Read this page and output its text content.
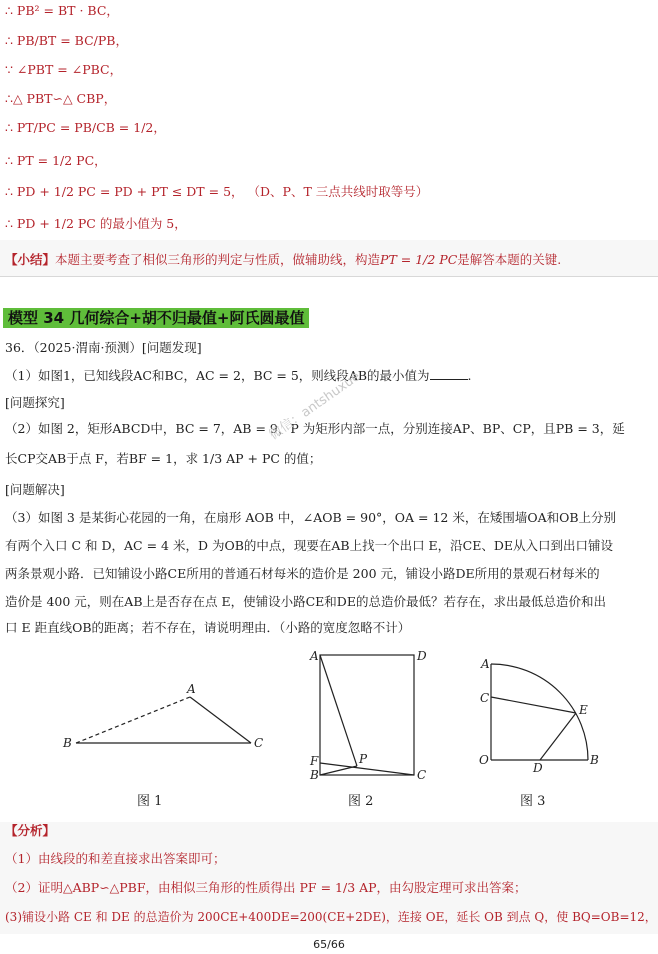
∴ PB² = BT · BC，
∴ PB/BT = BC/PB，
∵ ∠PBT = ∠PBC，
∴△ PBT∽△ CBP，
∴ PT/PC = PB/CB = 1/2，
∴ PT = 1/2 PC，
∴ PD + 1/2 PC = PD + PT ≤ DT = 5， （D、P、T 三点共线时取等号）
∴ PD + 1/2 PC 的最小值为 5，
【小结】本题主要考查了相似三角形的判定与性质，做辅助线，构造PT = 1/2 PC是解答本题的关键.
模型 34 几何综合+胡不归最值+阿氏圆最值
36．（2025·渭南·预测）[问题发现]
（1）如图1，已知线段AC和BC，AC = 2，BC = 5，则线段AB的最小值为	.
[问题探究]
（2）如图 2，矩形ABCD中，BC = 7，AB = 9，P 为矩形内部一点，分别连接AP、BP、CP，且PB = 3，延
长CP交AB于点 F，若BF = 1，求 1/3 AP + PC 的值；
[问题解决]
（3）如图 3 是某街心花园的一角，在扇形 AOB 中，∠AOB = 90°，OA = 12 米，在矮围墙OA和OB上分别
有两个入口 C 和 D，AC = 4 米，D 为OB的中点，现要在AB上找一个出口 E，沿CE、DE从入口到出口铺设
两条景观小路．已知铺设小路CE所用的普通石材每米的造价是 200 元，铺设小路DE所用的景观石材每米的
造价是 400 元，则在AB上是否存在点 E，使铺设小路CE和DE的总造价最低？若存在，求出最低总造价和出
口 E 距直线OB的距离；若不存在，请说明理由．（小路的宽度忽略不计）
微信：antshuxue
A
B	C
A	D
F	P
B	C
A
C
E
O
D
B
图 1	图 2	图 3
【分析】
（1）由线段的和差直接求出答案即可；
（2）证明△ABP∽△PBF，由相似三角形的性质得出 PF = 1/3 AP，由勾股定理可求出答案；
(3)铺设小路 CE 和 DE 的总造价为 200CE+400DE=200(CE+2DE)，连接 OE，延长 OB 到点 Q，使 BQ=OB=12，
65/66
